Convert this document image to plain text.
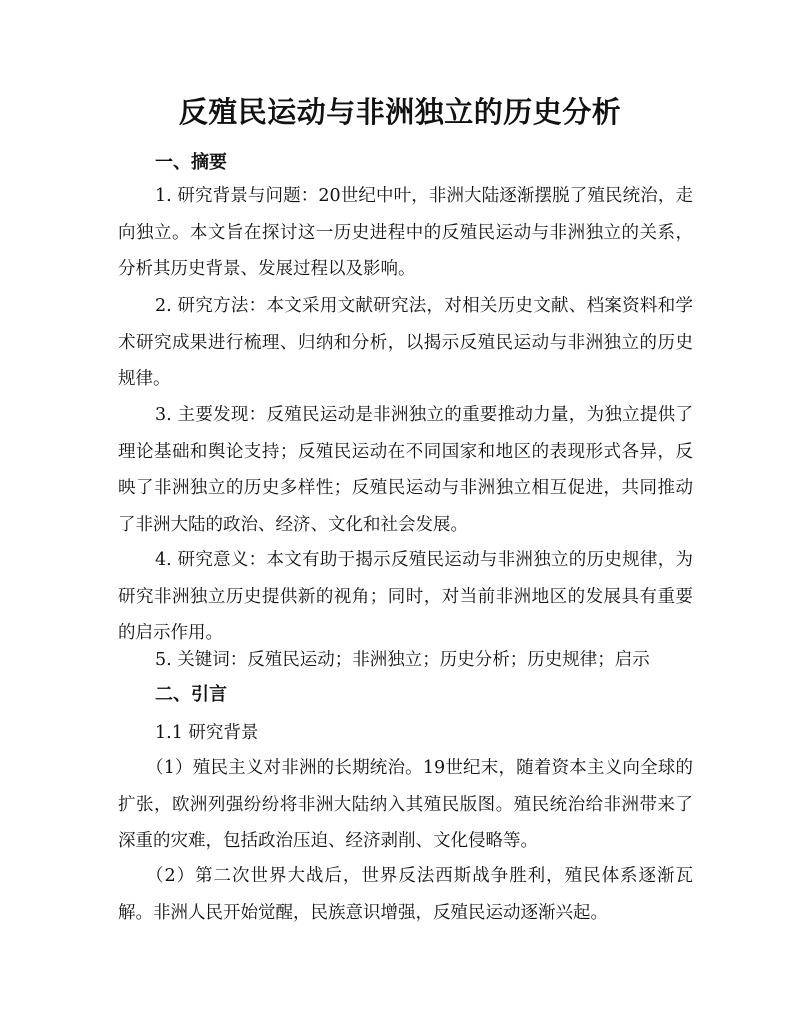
反殖民运动与非洲独立的历史分析
一、摘要
1. 研究背景与问题：20世纪中叶，非洲大陆逐渐摆脱了殖民统治，走向独立。本文旨在探讨这一历史进程中的反殖民运动与非洲独立的关系，分析其历史背景、发展过程以及影响。
2. 研究方法：本文采用文献研究法，对相关历史文献、档案资料和学术研究成果进行梳理、归纳和分析，以揭示反殖民运动与非洲独立的历史规律。
3. 主要发现：反殖民运动是非洲独立的重要推动力量，为独立提供了理论基础和舆论支持；反殖民运动在不同国家和地区的表现形式各异，反映了非洲独立的历史多样性；反殖民运动与非洲独立相互促进，共同推动了非洲大陆的政治、经济、文化和社会发展。
4. 研究意义：本文有助于揭示反殖民运动与非洲独立的历史规律，为研究非洲独立历史提供新的视角；同时，对当前非洲地区的发展具有重要的启示作用。
5. 关键词：反殖民运动；非洲独立；历史分析；历史规律；启示
二、引言
1.1 研究背景
（1）殖民主义对非洲的长期统治。19世纪末，随着资本主义向全球的扩张，欧洲列强纷纷将非洲大陆纳入其殖民版图。殖民统治给非洲带来了深重的灾难，包括政治压迫、经济剥削、文化侵略等。
（2）第二次世界大战后，世界反法西斯战争胜利，殖民体系逐渐瓦解。非洲人民开始觉醒，民族意识增强，反殖民运动逐渐兴起。
